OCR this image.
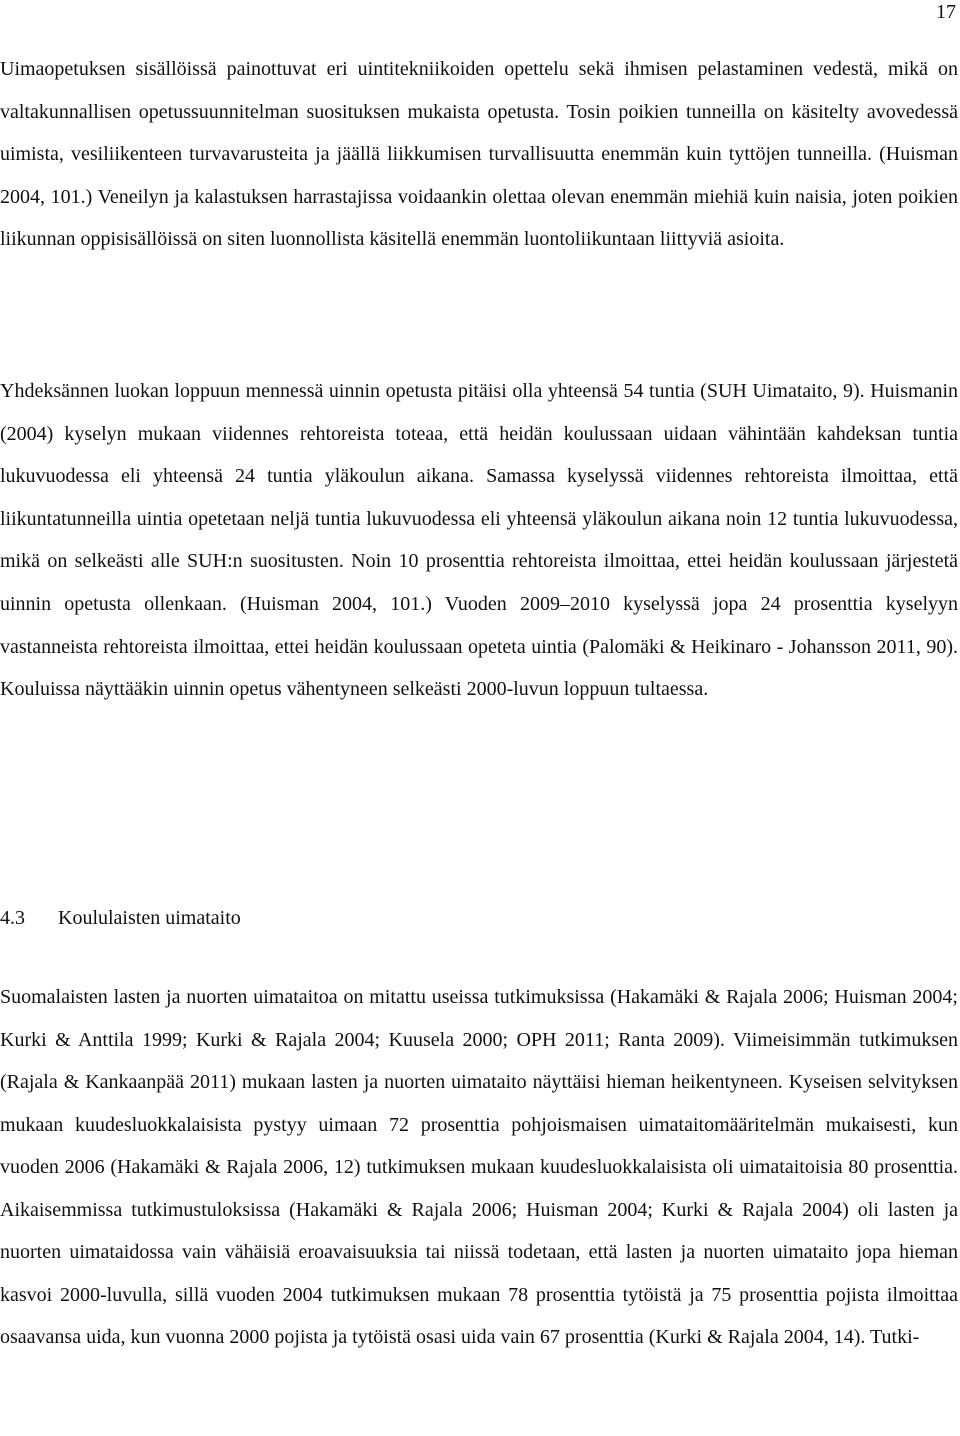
17

Uimaopetuksen sisällöissä painottuvat eri uintitekniikoiden opettelu sekä ihmisen pelastaminen vedestä, mikä on valtakunnallisen opetussuunnitelman suosituksen mukaista opetusta. Tosin poikien tunneilla on käsitelty avovedessä uimista, vesiliikenteen turvavarusteita ja jäällä liikkumisen turvallisuutta enemmän kuin tyttöjen tunneilla. (Huisman 2004, 101.) Veneilyn ja kalastuksen harrastajissa voidaankin olettaa olevan enemmän miehiä kuin naisia, joten poikien liikunnan oppisisällöissä on siten luonnollista käsitellä enemmän luontoliikuntaan liittyviä asioita.

Yhdeksännen luokan loppuun mennessä uinnin opetusta pitäisi olla yhteensä 54 tuntia (SUH Uimataito, 9). Huismanin (2004) kyselyn mukaan viidennes rehtoreista toteaa, että heidän koulussaan uidaan vähintään kahdeksan tuntia lukuvuodessa eli yhteensä 24 tuntia yläkoulun aikana. Samassa kyselyssä viidennes rehtoreista ilmoittaa, että liikuntatunneilla uintia opetetaan neljä tuntia lukuvuodessa eli yhteensä yläkoulun aikana noin 12 tuntia lukuvuodessa, mikä on selkeästi alle SUH:n suositusten. Noin 10 prosenttia rehtoreista ilmoittaa, ettei heidän koulussaan järjestetä uinnin opetusta ollenkaan. (Huisman 2004, 101.) Vuoden 2009–2010 kyselyssä jopa 24 prosenttia kyselyyn vastanneista rehtoreista ilmoittaa, ettei heidän koulussaan opeteta uintia (Palomäki & Heikinaro - Johansson 2011, 90). Kouluissa näyttääkin uinnin opetus vähentyneen selkeästi 2000-luvun loppuun tultaessa.

4.3 Koululaisten uimataito

Suomalaisten lasten ja nuorten uimataitoa on mitattu useissa tutkimuksissa (Hakamäki & Rajala 2006; Huisman 2004; Kurki & Anttila 1999; Kurki & Rajala 2004; Kuusela 2000; OPH 2011; Ranta 2009). Viimeisimmän tutkimuksen (Rajala & Kankaanpää 2011) mukaan lasten ja nuorten uimataito näyttäisi hieman heikentyneen. Kyseisen selvityksen mukaan kuudesluokkalaisista pystyy uimaan 72 prosenttia pohjoismaisen uimataitomääritelmän mukaisesti, kun vuoden 2006 (Hakamäki & Rajala 2006, 12) tutkimuksen mukaan kuudesluokkalaisista oli uimataitoisia 80 prosenttia. Aikaisemmissa tutkimustuloksissa (Hakamäki & Rajala 2006; Huisman 2004; Kurki & Rajala 2004) oli lasten ja nuorten uimataidossa vain vähäisiä eroavaisuuksia tai niissä todetaan, että lasten ja nuorten uimataito jopa hieman kasvoi 2000-luvulla, sillä vuoden 2004 tutkimuksen mukaan 78 prosenttia tytöistä ja 75 prosenttia pojista ilmoittaa osaavansa uida, kun vuonna 2000 pojista ja tytöistä osasi uida vain 67 prosenttia (Kurki & Rajala 2004, 14). Tutki-
